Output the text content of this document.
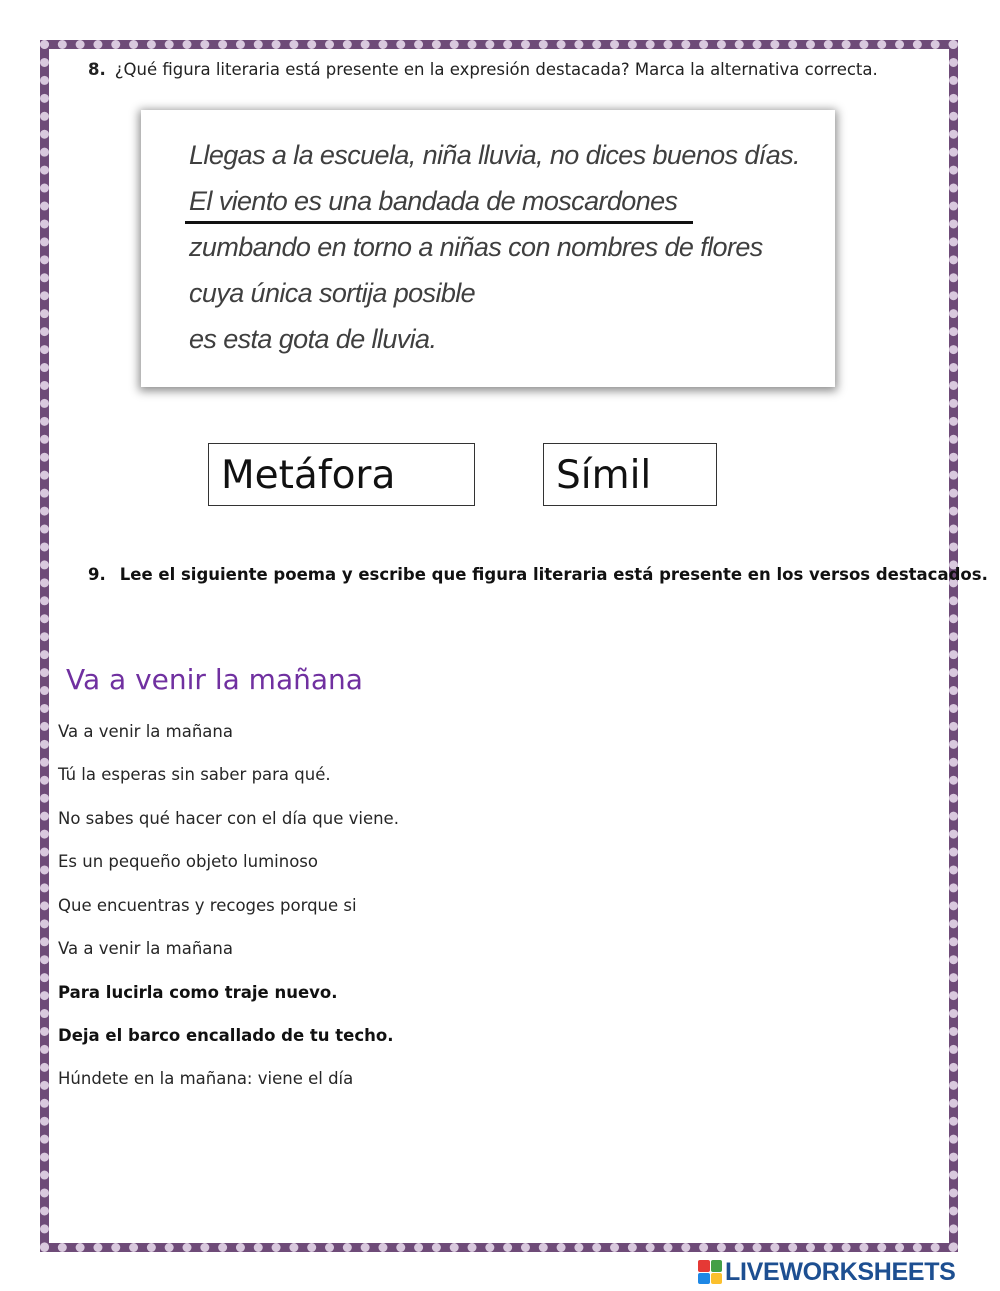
8. ¿Qué figura literaria está presente en la expresión destacada? Marca la alternativa correcta.
Llegas a la escuela, niña lluvia, no dices buenos días.
El viento es una bandada de moscardones
zumbando en torno a niñas con nombres de flores
cuya única sortija posible
es esta gota de lluvia.
Metáfora	Símil
9. Lee el siguiente poema y escribe que figura literaria está presente en los versos destacados.
Va a venir la mañana
Va a venir la mañana
Tú la esperas sin saber para qué.
No sabes qué hacer con el día que viene.
Es un pequeño objeto luminoso
Que encuentras y recoges porque si
Va a venir la mañana
Para lucirla como traje nuevo.
Deja el barco encallado de tu techo.
Húndete en la mañana: viene el día
LIVEWORKSHEETS
